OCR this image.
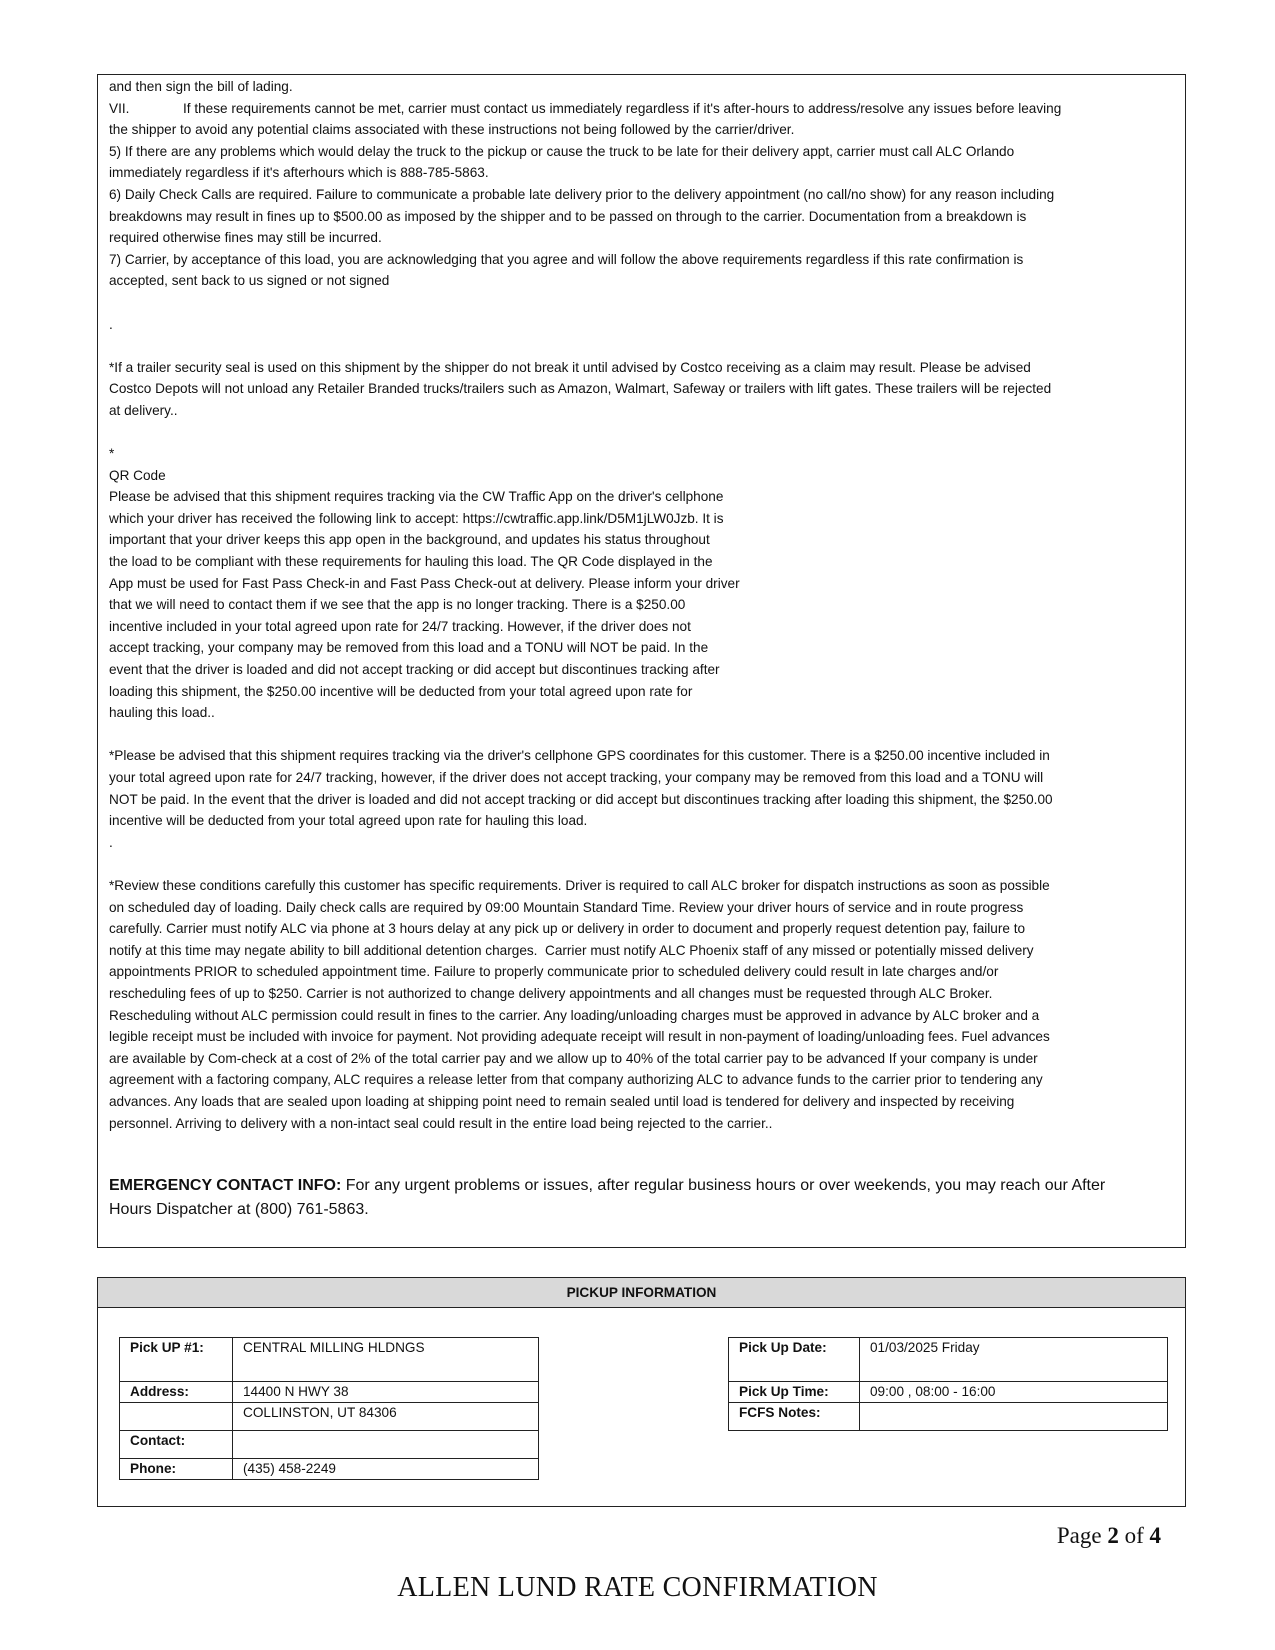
and then sign the bill of lading.
VII.	If these requirements cannot be met, carrier must contact us immediately regardless if it's after-hours to address/resolve any issues before leaving
the shipper to avoid any potential claims associated with these instructions not being followed by the carrier/driver.
5) If there are any problems which would delay the truck to the pickup or cause the truck to be late for their delivery appt, carrier must call ALC Orlando
immediately regardless if it's afterhours which is 888-785-5863.
6) Daily Check Calls are required. Failure to communicate a probable late delivery prior to the delivery appointment (no call/no show) for any reason including
breakdowns may result in fines up to $500.00 as imposed by the shipper and to be passed on through to the carrier. Documentation from a breakdown is
required otherwise fines may still be incurred.
7) Carrier, by acceptance of this load, you are acknowledging that you agree and will follow the above requirements regardless if this rate confirmation is
accepted, sent back to us signed or not signed
.
*If a trailer security seal is used on this shipment by the shipper do not break it until advised by Costco receiving as a claim may result. Please be advised
Costco Depots will not unload any Retailer Branded trucks/trailers such as Amazon, Walmart, Safeway or trailers with lift gates. These trailers will be rejected
at delivery..
*
QR Code
Please be advised that this shipment requires tracking via the CW Traffic App on the driver's cellphone
which your driver has received the following link to accept: https://cwtraffic.app.link/D5M1jLW0Jzb. It is
important that your driver keeps this app open in the background, and updates his status throughout
the load to be compliant with these requirements for hauling this load. The QR Code displayed in the
App must be used for Fast Pass Check-in and Fast Pass Check-out at delivery. Please inform your driver
that we will need to contact them if we see that the app is no longer tracking. There is a $250.00
incentive included in your total agreed upon rate for 24/7 tracking. However, if the driver does not
accept tracking, your company may be removed from this load and a TONU will NOT be paid. In the
event that the driver is loaded and did not accept tracking or did accept but discontinues tracking after
loading this shipment, the $250.00 incentive will be deducted from your total agreed upon rate for
hauling this load..
*Please be advised that this shipment requires tracking via the driver's cellphone GPS coordinates for this customer. There is a $250.00 incentive included in
your total agreed upon rate for 24/7 tracking, however, if the driver does not accept tracking, your company may be removed from this load and a TONU will
NOT be paid. In the event that the driver is loaded and did not accept tracking or did accept but discontinues tracking after loading this shipment, the $250.00
incentive will be deducted from your total agreed upon rate for hauling this load.
.
*Review these conditions carefully this customer has specific requirements. Driver is required to call ALC broker for dispatch instructions as soon as possible
on scheduled day of loading. Daily check calls are required by 09:00 Mountain Standard Time. Review your driver hours of service and in route progress
carefully. Carrier must notify ALC via phone at 3 hours delay at any pick up or delivery in order to document and properly request detention pay, failure to
notify at this time may negate ability to bill additional detention charges.  Carrier must notify ALC Phoenix staff of any missed or potentially missed delivery
appointments PRIOR to scheduled appointment time. Failure to properly communicate prior to scheduled delivery could result in late charges and/or
rescheduling fees of up to $250. Carrier is not authorized to change delivery appointments and all changes must be requested through ALC Broker.
Rescheduling without ALC permission could result in fines to the carrier. Any loading/unloading charges must be approved in advance by ALC broker and a
legible receipt must be included with invoice for payment. Not providing adequate receipt will result in non-payment of loading/unloading fees. Fuel advances
are available by Com-check at a cost of 2% of the total carrier pay and we allow up to 40% of the total carrier pay to be advanced If your company is under
agreement with a factoring company, ALC requires a release letter from that company authorizing ALC to advance funds to the carrier prior to tendering any
advances. Any loads that are sealed upon loading at shipping point need to remain sealed until load is tendered for delivery and inspected by receiving
personnel. Arriving to delivery with a non-intact seal could result in the entire load being rejected to the carrier..
EMERGENCY CONTACT INFO: For any urgent problems or issues, after regular business hours or over weekends, you may reach our After
Hours Dispatcher at (800) 761-5863.
PICKUP INFORMATION
Pick UP #1:	CENTRAL MILLING HLDNGS
Address:	14400 N HWY 38
	COLLINSTON, UT 84306
Contact:	
Phone:	(435) 458-2249
Pick Up Date:	01/03/2025 Friday
Pick Up Time:	09:00 , 08:00 - 16:00
FCFS Notes:	
Page 2 of 4
ALLEN LUND RATE CONFIRMATION
